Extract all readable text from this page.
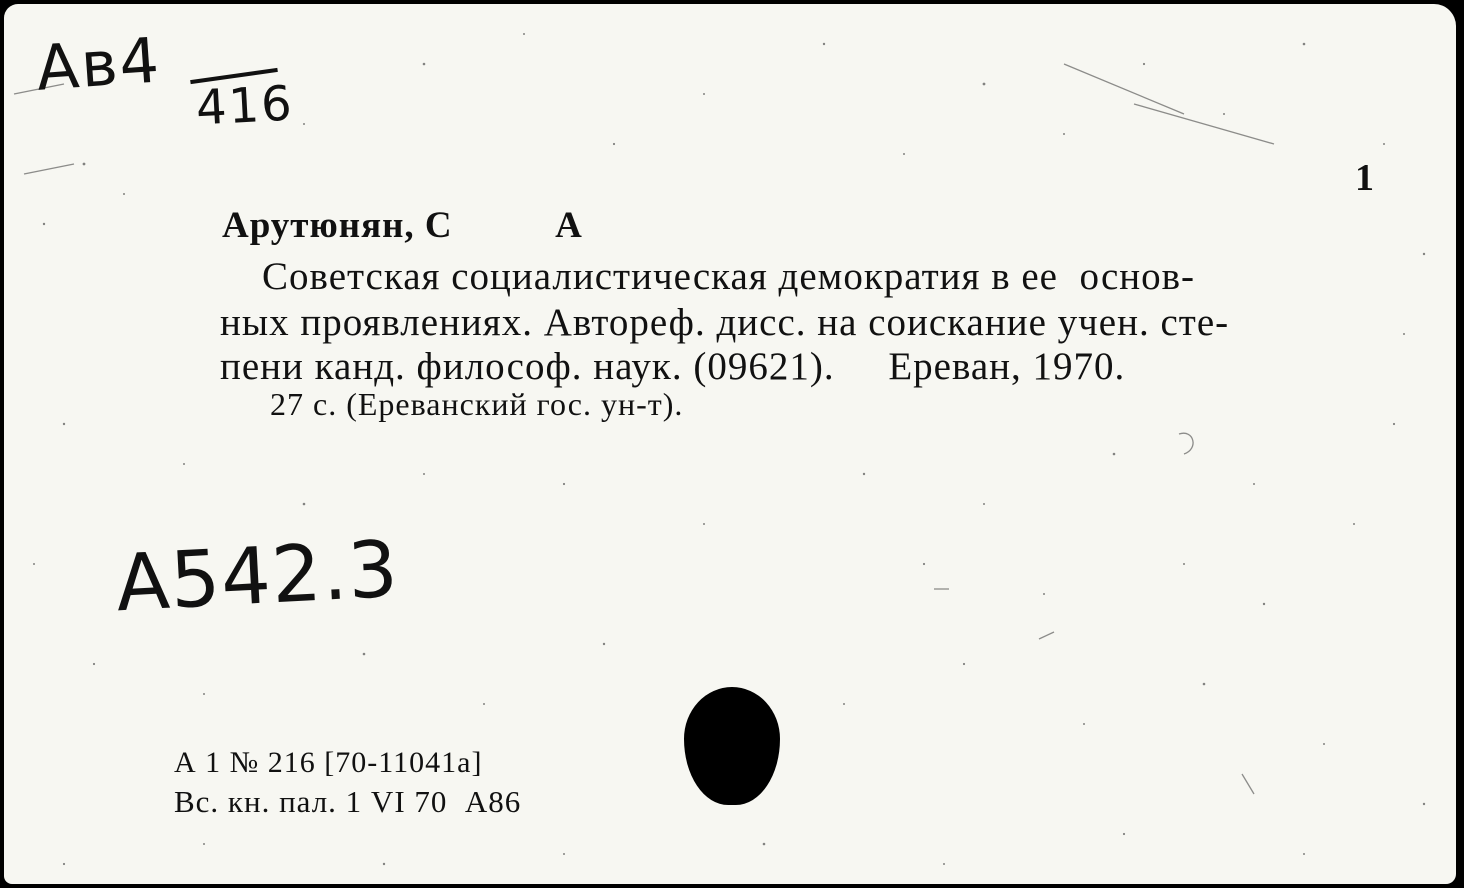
Ав4
416
1
Арутюнян, С          А
Советская социалистическая демократия в ее  основ-
ных проявлениях. Автореф. дисс. на соискание учен. сте-
пени канд. философ. наук. (09621).     Ереван, 1970.
27 с. (Ереванский гос. ун-т).
А542.3
А 1 № 216 [70-11041а]
Вс. кн. пал. 1 VI 70  А86
